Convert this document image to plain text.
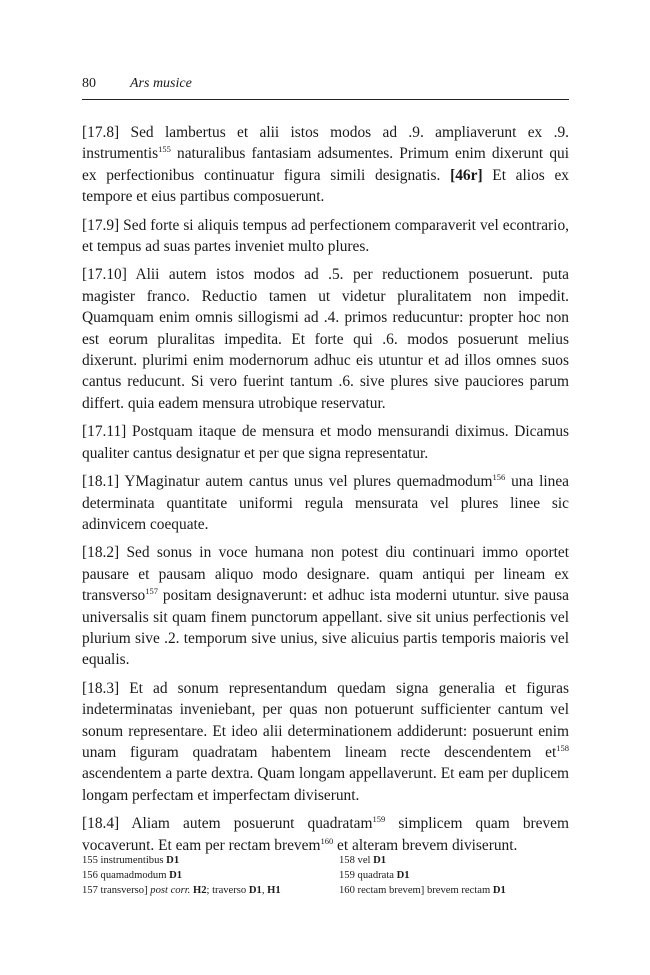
80 Ars musice

[17.8] Sed lambertus et alii istos modos ad .9. ampliaverunt ex .9. instrumentis$^{155}$ naturalibus fantasiam adsumentes. Primum enim dixerunt qui ex perfectionibus continuatur figura simili designatis. [46r] Et alios ex tempore et eius partibus composuerunt.

[17.9] Sed forte si aliquis tempus ad perfectionem comparaverit vel econtrario, et tempus ad suas partes inveniet multo plures.

[17.10] Alii autem istos modos ad .5. per reductionem posuerunt. puta magister franco. Reductio tamen ut videtur pluralitatem non impedit. Quamquam enim omnis sillogismi ad .4. primos reducuntur: propter hoc non est eorum pluralitas impedita. Et forte qui .6. modos posuerunt melius dixerunt. plurimi enim modernorum adhuc eis utuntur et ad illos omnes suos cantus reducunt. Si vero fuerint tantum .6. sive plures sive pauciores parum differt. quia eadem mensura utrobique reservatur.

[17.11] Postquam itaque de mensura et modo mensurandi diximus. Dicamus qualiter cantus designatur et per que signa representatur.

[18.1] YMaginatur autem cantus unus vel plures quemadmodum$^{156}$ una linea determinata quantitate uniformi regula mensurata vel plures linee sic adinvicem coequate.

[18.2] Sed sonus in voce humana non potest diu continuari immo oportet pausare et pausam aliquo modo designare. quam antiqui per lineam ex transverso$^{157}$ positam designaverunt: et adhuc ista moderni utuntur. sive pausa universalis sit quam finem punctorum appellant. sive sit unius perfectionis vel plurium sive .2. temporum sive unius, sive alicuius partis temporis maioris vel equalis.

[18.3] Et ad sonum representandum quedam signa generalia et figuras indeterminatas inveniebant, per quas non potuerunt sufficienter cantum vel sonum representare. Et ideo alii determinationem addiderunt: posuerunt enim unam figuram quadratam habentem lineam recte descendentem $et^{158}$ ascendentem a parte dextra. Quam longam appellaverunt. Et eam per duplicem longam perfectam et imperfectam diviserunt.

[18.4] Aliam autem posuerunt quadratam$^{159}$ simplicem quam brevem vocaverunt. Et eam per rectam brevem$^{160}$ et alteram brevem diviserunt.

155 instrumentibus D1
156 quamadmodum D1
157 transverso] post corr. H2; traverso D1, H1
158 vel D1
159 quadrata D1
160 rectam brevem] brevem rectam D1
